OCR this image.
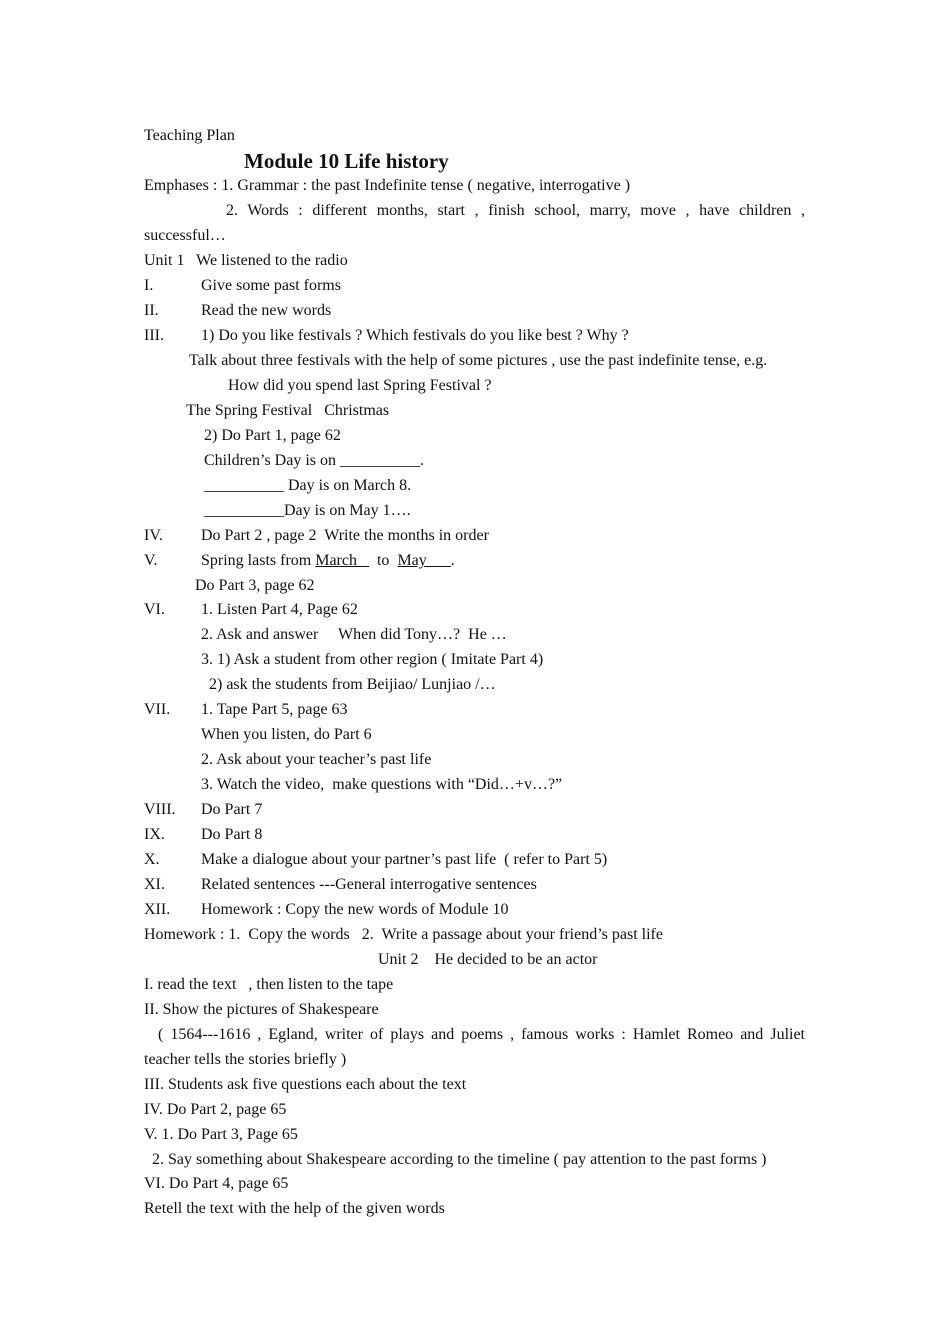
Teaching Plan
Module 10 Life history
Emphases : 1. Grammar : the past Indefinite tense ( negative, interrogative )
2. Words : different months, start , finish school, marry, move , have children ,
successful…
Unit 1   We listened to the radio
I.	Give some past forms
II.	Read the new words
III. 1) Do you like festivals ? Which festivals do you like best ? Why ?
Talk about three festivals with the help of some pictures , use the past indefinite tense, e.g.
How did you spend last Spring Festival ?
The Spring Festival   Christmas
2) Do Part 1, page 62
Children’s Day is on __________.
__________ Day is on March 8.
__________Day is on May 1….
IV. Do Part 2 , page 2  Write the months in order
V.	Spring lasts from March _  to  May___.
Do Part 3, page 62
VI. 1. Listen Part 4, Page 62
2. Ask and answer     When did Tony…?  He …
3. 1) Ask a student from other region ( Imitate Part 4)
2) ask the students from Beijiao/ Lunjiao /…
VII. 1. Tape Part 5, page 63
When you listen, do Part 6
2. Ask about your teacher’s past life
3. Watch the video,  make questions with “Did…+v…?”
VIII. Do Part 7
IX. Do Part 8
X.	Make a dialogue about your partner’s past life  ( refer to Part 5)
XI. Related sentences ---General interrogative sentences
XII. Homework : Copy the new words of Module 10
Homework : 1.  Copy the words   2.  Write a passage about your friend’s past life
Unit 2    He decided to be an actor
I. read the text   , then listen to the tape
II. Show the pictures of Shakespeare
( 1564---1616 , Egland, writer of plays and poems , famous works : Hamlet Romeo and Juliet
teacher tells the stories briefly )
III. Students ask five questions each about the text
IV. Do Part 2, page 65
V. 1. Do Part 3, Page 65
2. Say something about Shakespeare according to the timeline ( pay attention to the past forms )
VI. Do Part 4, page 65
Retell the text with the help of the given words
